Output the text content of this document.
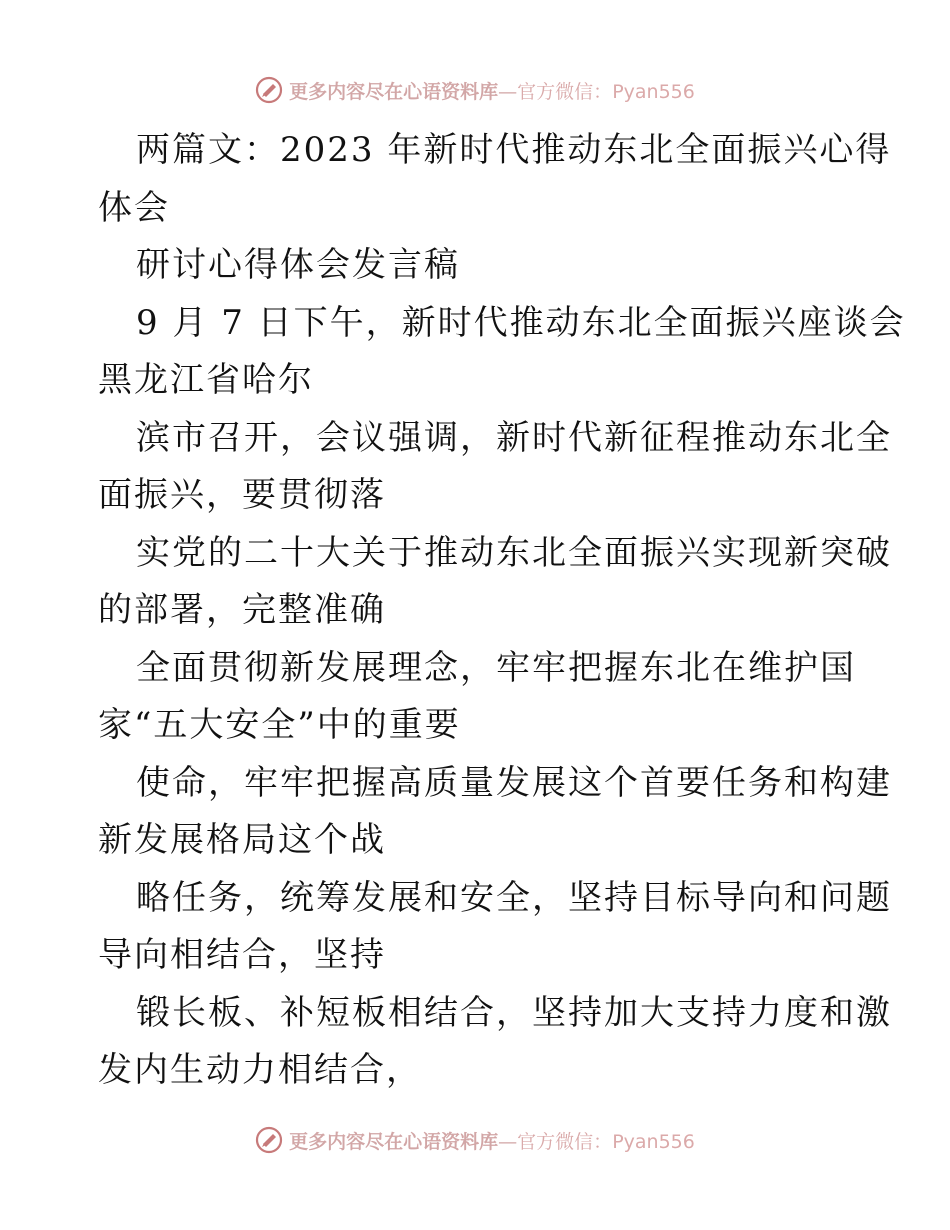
更多内容尽在心语资料库—官方微信：Pyan556
两篇文：2023 年新时代推动东北全面振兴心得
体会
研讨心得体会发言稿
9 月 7 日下午，新时代推动东北全面振兴座谈会
黑龙江省哈尔
滨市召开，会议强调，新时代新征程推动东北全
面振兴，要贯彻落
实党的二十大关于推动东北全面振兴实现新突破
的部署，完整准确
全面贯彻新发展理念，牢牢把握东北在维护国
家“五大安全”中的重要
使命，牢牢把握高质量发展这个首要任务和构建
新发展格局这个战
略任务，统筹发展和安全，坚持目标导向和问题
导向相结合，坚持
锻长板、补短板相结合，坚持加大支持力度和激
发内生动力相结合，
更多内容尽在心语资料库—官方微信：Pyan556
